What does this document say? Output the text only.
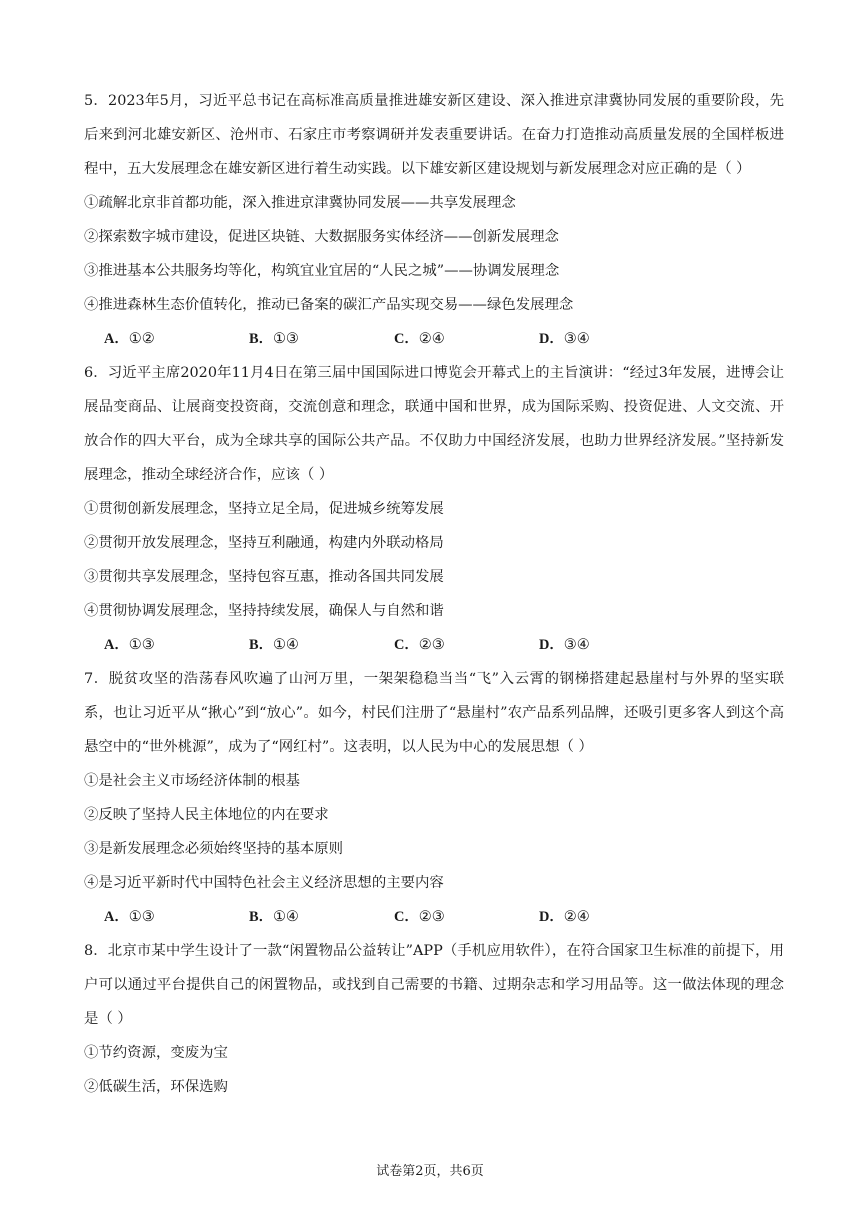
5．2023年5月，习近平总书记在高标准高质量推进雄安新区建设、深入推进京津冀协同发展的重要阶段，先后来到河北雄安新区、沧州市、石家庄市考察调研并发表重要讲话。在奋力打造推动高质量发展的全国样板进程中，五大发展理念在雄安新区进行着生动实践。以下雄安新区建设规划与新发展理念对应正确的是（ ）

①疏解北京非首都功能，深入推进京津冀协同发展——共享发展理念

②探索数字城市建设，促进区块链、大数据服务实体经济——创新发展理念

③推进基本公共服务均等化，构筑宜业宜居的“人民之城”——协调发展理念

④推进森林生态价值转化，推动已备案的碳汇产品实现交易——绿色发展理念

A．①②	B．①③	C．②④	D．③④

6．习近平主席2020年11月4日在第三届中国国际进口博览会开幕式上的主旨演讲：“经过3年发展，进博会让展品变商品、让展商变投资商，交流创意和理念，联通中国和世界，成为国际采购、投资促进、人文交流、开放合作的四大平台，成为全球共享的国际公共产品。不仅助力中国经济发展，也助力世界经济发展。”坚持新发展理念，推动全球经济合作，应该（ ）

①贯彻创新发展理念，坚持立足全局，促进城乡统筹发展

②贯彻开放发展理念，坚持互利融通，构建内外联动格局

③贯彻共享发展理念，坚持包容互惠，推动各国共同发展

④贯彻协调发展理念，坚持持续发展，确保人与自然和谐

A．①③	B．①④	C．②③	D．③④

7．脱贫攻坚的浩荡春风吹遍了山河万里，一架架稳稳当当“飞”入云霄的钢梯搭建起悬崖村与外界的坚实联系，也让习近平从“揪心”到“放心”。如今，村民们注册了“悬崖村”农产品系列品牌，还吸引更多客人到这个高悬空中的“世外桃源”，成为了“网红村”。这表明，以人民为中心的发展思想（ ）

①是社会主义市场经济体制的根基

②反映了坚持人民主体地位的内在要求

③是新发展理念必须始终坚持的基本原则

④是习近平新时代中国特色社会主义经济思想的主要内容

A．①③	B．①④	C．②③	D．②④

8．北京市某中学生设计了一款“闲置物品公益转让”APP（手机应用软件），在符合国家卫生标准的前提下，用户可以通过平台提供自己的闲置物品，或找到自己需要的书籍、过期杂志和学习用品等。这一做法体现的理念是（ ）

①节约资源，变废为宝

②低碳生活，环保选购

试卷第2页，共6页
